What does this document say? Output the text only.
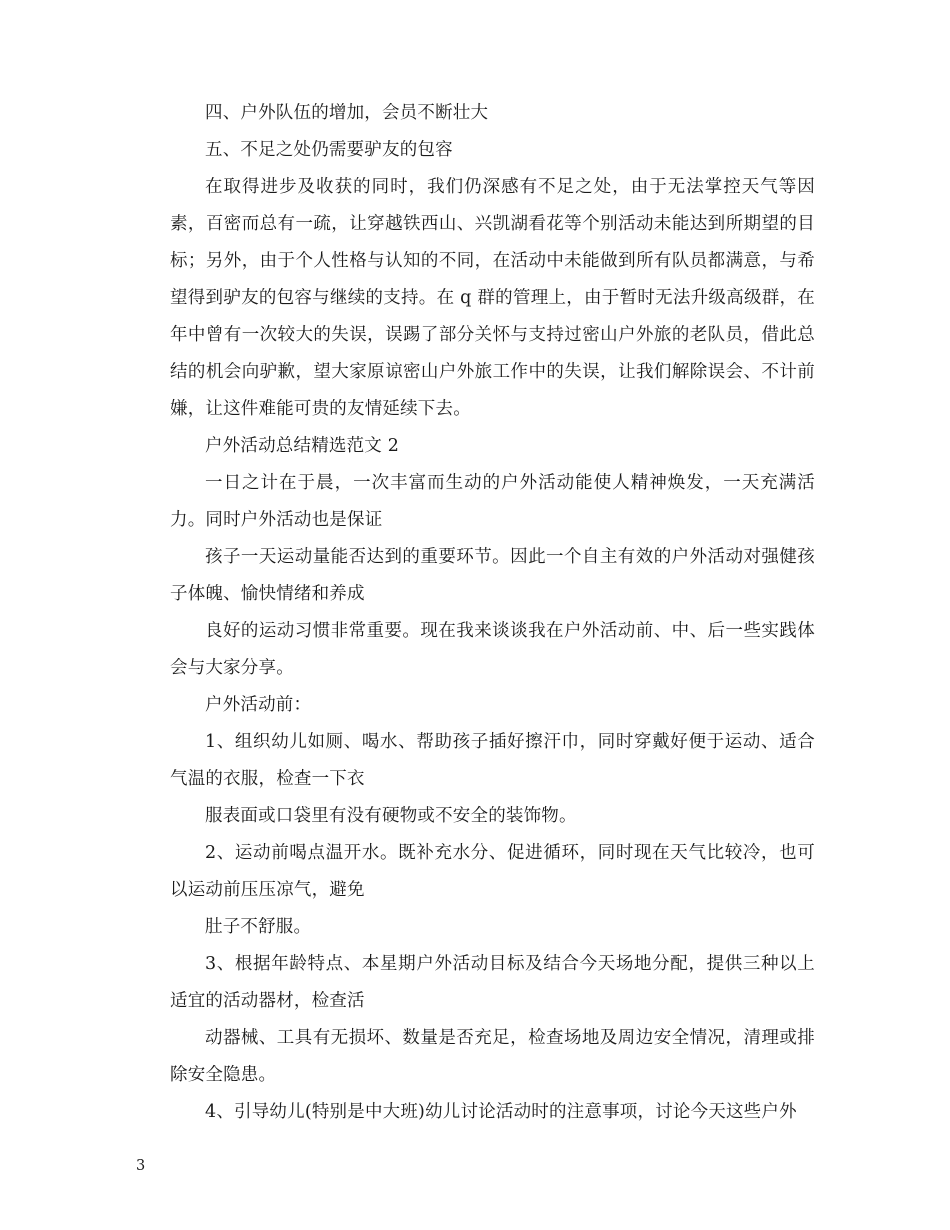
四、户外队伍的增加，会员不断壮大

五、不足之处仍需要驴友的包容

在取得进步及收获的同时，我们仍深感有不足之处，由于无法掌控天气等因素，百密而总有一疏，让穿越铁西山、兴凯湖看花等个别活动未能达到所期望的目标；另外，由于个人性格与认知的不同，在活动中未能做到所有队员都满意，与希望得到驴友的包容与继续的支持。在 q 群的管理上，由于暂时无法升级高级群，在年中曾有一次较大的失误，误踢了部分关怀与支持过密山户外旅的老队员，借此总结的机会向驴歉，望大家原谅密山户外旅工作中的失误，让我们解除误会、不计前嫌，让这件难能可贵的友情延续下去。

户外活动总结精选范文 2

一日之计在于晨，一次丰富而生动的户外活动能使人精神焕发，一天充满活力。同时户外活动也是保证

孩子一天运动量能否达到的重要环节。因此一个自主有效的户外活动对强健孩子体魄、愉快情绪和养成

良好的运动习惯非常重要。现在我来谈谈我在户外活动前、中、后一些实践体会与大家分享。

户外活动前：

1、组织幼儿如厕、喝水、帮助孩子插好擦汗巾，同时穿戴好便于运动、适合气温的衣服，检查一下衣

服表面或口袋里有没有硬物或不安全的装饰物。

2、运动前喝点温开水。既补充水分、促进循环，同时现在天气比较冷，也可以运动前压压凉气，避免

肚子不舒服。

3、根据年龄特点、本星期户外活动目标及结合今天场地分配，提供三种以上适宜的活动器材，检查活

动器械、工具有无损坏、数量是否充足，检查场地及周边安全情况，清理或排除安全隐患。

4、引导幼儿(特别是中大班)幼儿讨论活动时的注意事项，讨论今天这些户外

3
